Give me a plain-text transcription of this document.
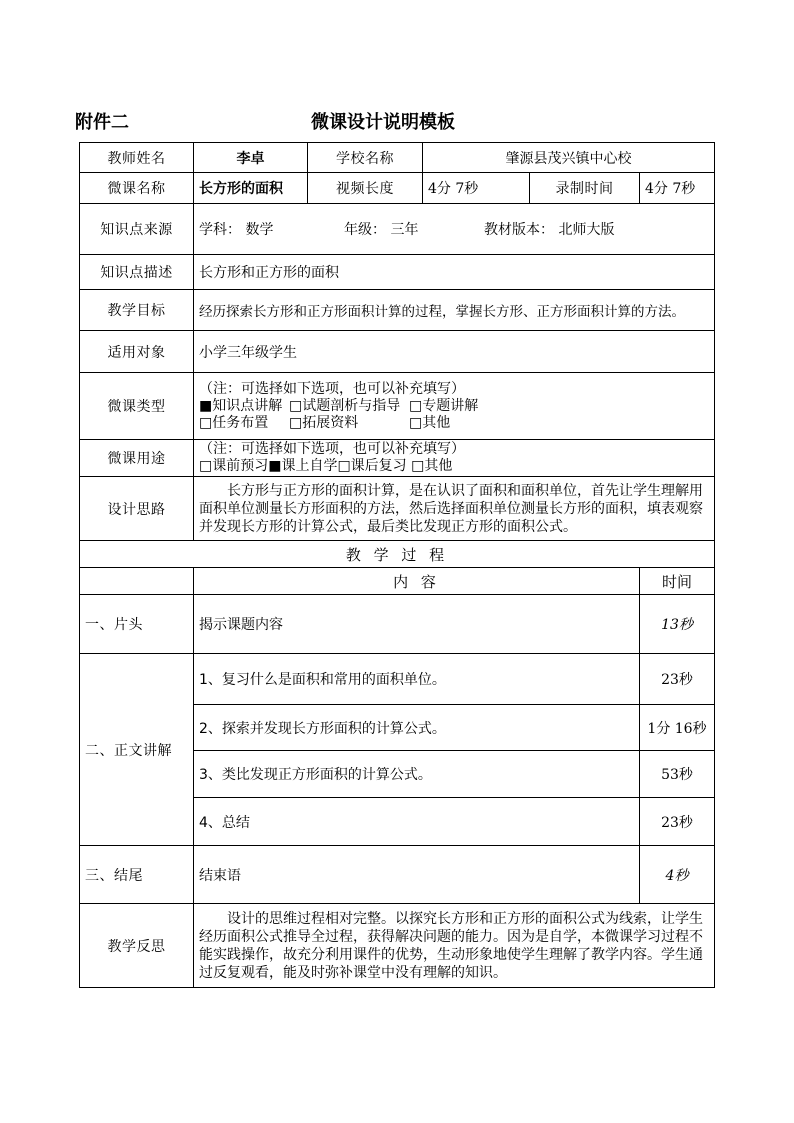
附件二	微课设计说明模板
教师姓名	李卓	学校名称	肇源县茂兴镇中心校		
微课名称	长方形的面积	视频长度	4分 7秒	录制时间	4分 7秒
知识点来源	学科： 数学 年级： 三年 教材版本： 北师大版				
知识点描述	长方形和正方形的面积				
教学目标	经历探索长方形和正方形面积计算的过程，掌握长方形、正方形面积计算的方法。				
适用对象	小学三年级学生				
微课类型	（注：可选择如下选项，也可以补充填写）
■知识点讲解 □试题剖析与指导 □专题讲解
□任务布置 □拓展资料 □其他				

微课用途	（注：可选择如下选项，也可以补充填写）
□课前预习■课上自学□课后复习 □其他				

设计思路	长方形与正方形的面积计算，是在认识了面积和面积单位，首先让学生理解用面积单位测量长方形面积的方法，然后选择面积单位测量长方形的面积，填表观察并发现长方形的计算公式，最后类比发现正方形的面积公式。				
教 学 过 程					
	内 容				时间
一、片头	揭示课题内容				13秒
二、正文讲解	1、复习什么是面积和常用的面积单位。				23秒
	2、探索并发现长方形面积的计算公式。				1分 16秒
	3、类比发现正方形面积的计算公式。				53秒
	4、总结				23秒
三、结尾	结束语				4秒
教学反思	设计的思维过程相对完整。以探究长方形和正方形的面积公式为线索，让学生经历面积公式推导全过程，获得解决问题的能力。因为是自学，本微课学习过程不能实践操作，故充分利用课件的优势，生动形象地使学生理解了教学内容。学生通过反复观看，能及时弥补课堂中没有理解的知识。				
